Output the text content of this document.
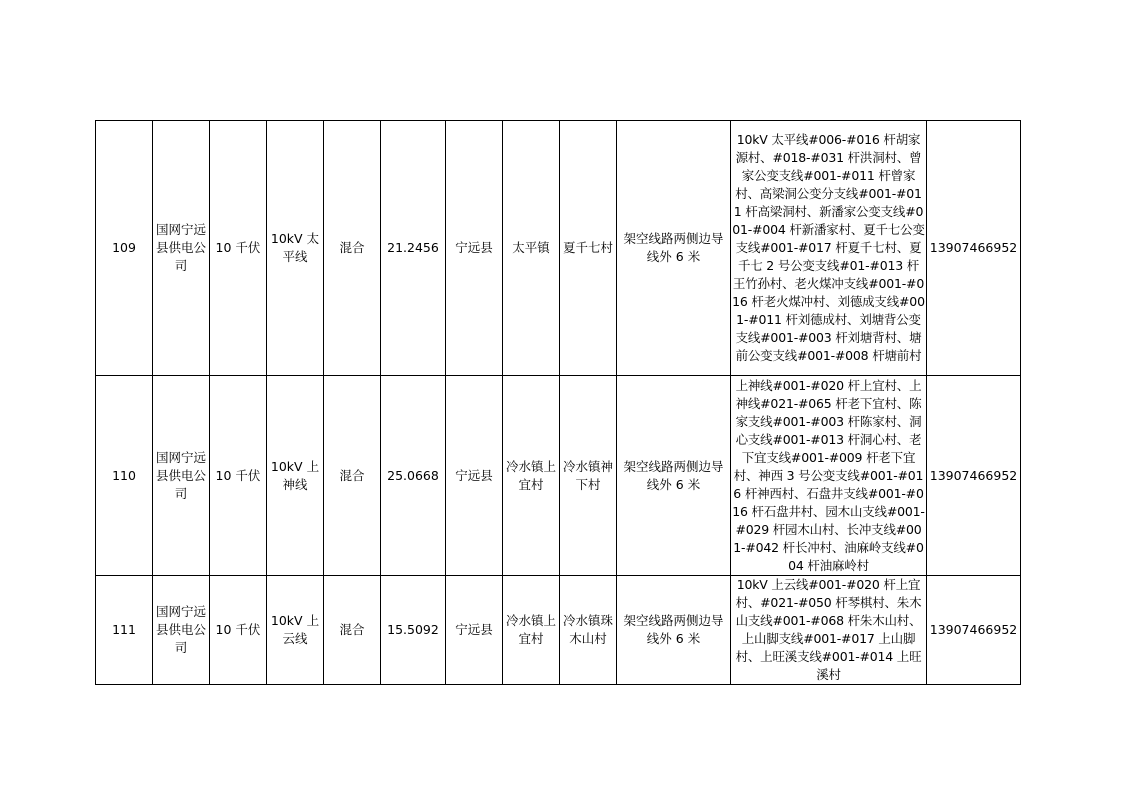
109	国网宁远县供电公司	10 千伏	10kV 太平线	混合	21.2456	宁远县	太平镇	夏千七村	架空线路两侧边导线外 6 米	10kV 太平线#006-#016 杆胡家源村、#018-#031 杆洪洞村、曾家公变支线#001-#011 杆曾家村、高梁洞公变分支线#001-#011 杆高梁洞村、新潘家公变支线#001-#004 杆新潘家村、夏千七公变支线#001-#017 杆夏千七村、夏千七 2 号公变支线#01-#013 杆王竹孙村、老火煤冲支线#001-#016 杆老火煤冲村、刘德成支线#001-#011 杆刘德成村、刘塘背公变支线#001-#003 杆刘塘背村、塘前公变支线#001-#008 杆塘前村	13907466952
110	国网宁远县供电公司	10 千伏	10kV 上神线	混合	25.0668	宁远县	冷水镇上宜村	冷水镇神下村	架空线路两侧边导线外 6 米	上神线#001-#020 杆上宜村、上神线#021-#065 杆老下宜村、陈家支线#001-#003 杆陈家村、洞心支线#001-#013 杆洞心村、老下宜支线#001-#009 杆老下宜村、神西 3 号公变支线#001-#016 杆神西村、石盘井支线#001-#016 杆石盘井村、园木山支线#001-#029 杆园木山村、长冲支线#001-#042 杆长冲村、油麻岭支线#004 杆油麻岭村	13907466952
111	国网宁远县供电公司	10 千伏	10kV 上云线	混合	15.5092	宁远县	冷水镇上宜村	冷水镇珠木山村	架空线路两侧边导线外 6 米	10kV 上云线#001-#020 杆上宜村、#021-#050 杆琴棋村、朱木山支线#001-#068 杆朱木山村、上山脚支线#001-#017 上山脚村、上旺溪支线#001-#014 上旺溪村	13907466952
